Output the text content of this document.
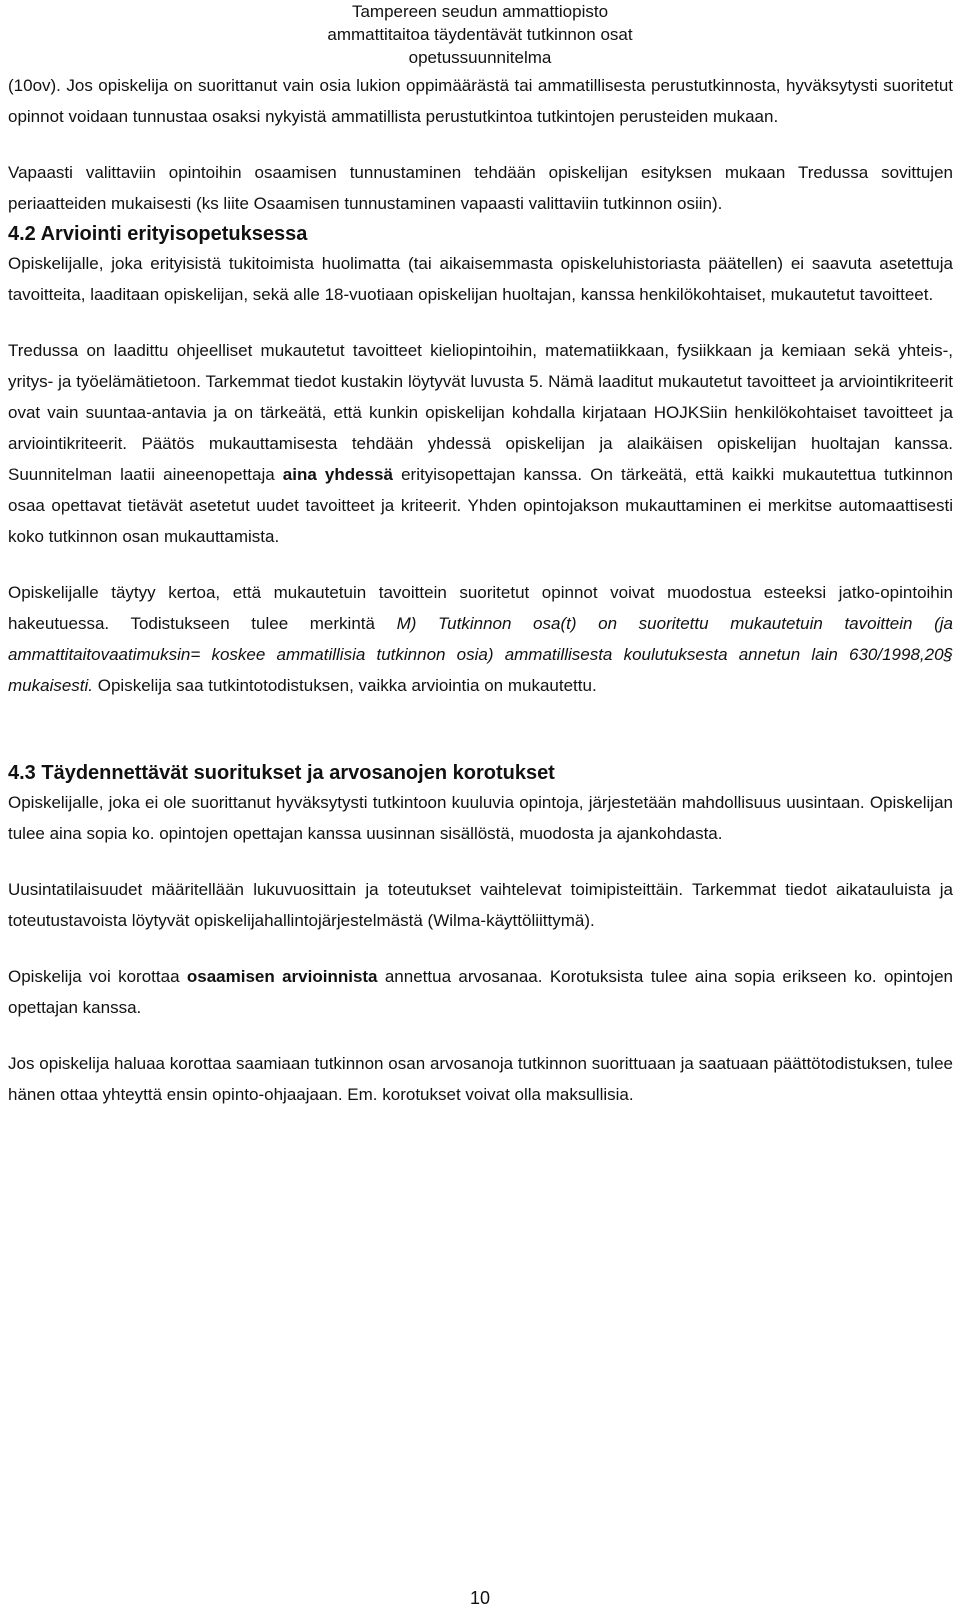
Tampereen seudun ammattiopisto
ammattitaitoa täydentävät tutkinnon osat
opetussuunnitelma

(10ov). Jos opiskelija on suorittanut vain osia lukion oppimäärästä tai ammatillisesta perustutkinnosta, hyväksytysti suoritetut opinnot voidaan tunnustaa osaksi nykyistä ammatillista perustutkintoa tutkintojen perusteiden mukaan.

Vapaasti valittaviin opintoihin osaamisen tunnustaminen tehdään opiskelijan esityksen mukaan Tredussa sovittujen periaatteiden mukaisesti (ks liite Osaamisen tunnustaminen vapaasti valittaviin tutkinnon osiin).

4.2 Arviointi erityisopetuksessa

Opiskelijalle, joka erityisistä tukitoimista huolimatta (tai aikaisemmasta opiskeluhistoriasta päätellen) ei saavuta asetettuja tavoitteita, laaditaan opiskelijan, sekä alle 18-vuotiaan opiskelijan huoltajan, kanssa henkilökohtaiset, mukautetut tavoitteet.

Tredussa on laadittu ohjeelliset mukautetut tavoitteet kieliopintoihin, matematiikkaan, fysiikkaan ja kemiaan sekä yhteis-, yritys- ja työelämätietoon. Tarkemmat tiedot kustakin löytyvät luvusta 5. Nämä laaditut mukautetut tavoitteet ja arviointikriteerit ovat vain suuntaa-antavia ja on tärkeätä, että kunkin opiskelijan kohdalla kirjataan HOJKSiin henkilökohtaiset tavoitteet ja arviointikriteerit. Päätös mukauttamisesta tehdään yhdessä opiskelijan ja alaikäisen opiskelijan huoltajan kanssa. Suunnitelman laatii aineenopettaja aina yhdessä erityisopettajan kanssa. On tärkeätä, että kaikki mukautettua tutkinnon osaa opettavat tietävät asetetut uudet tavoitteet ja kriteerit. Yhden opintojakson mukauttaminen ei merkitse automaattisesti koko tutkinnon osan mukauttamista.

Opiskelijalle täytyy kertoa, että mukautetuin tavoittein suoritetut opinnot voivat muodostua esteeksi jatko-opintoihin hakeutuessa. Todistukseen tulee merkintä M) Tutkinnon osa(t) on suoritettu mukautetuin tavoittein (ja ammattitaitovaatimuksin= koskee ammatillisia tutkinnon osia) ammatillisesta koulutuksesta annetun lain 630/1998,20§ mukaisesti. Opiskelija saa tutkintotodistuksen, vaikka arviointia on mukautettu.

4.3 Täydennettävät suoritukset ja arvosanojen korotukset

Opiskelijalle, joka ei ole suorittanut hyväksytysti tutkintoon kuuluvia opintoja, järjestetään mahdollisuus uusintaan. Opiskelijan tulee aina sopia ko. opintojen opettajan kanssa uusinnan sisällöstä, muodosta ja ajankohdasta.

Uusintatilaisuudet määritellään lukuvuosittain ja toteutukset vaihtelevat toimipisteittäin. Tarkemmat tiedot aikatauluista ja toteutustavoista löytyvät opiskelijahallintojärjestelmästä (Wilma-käyttöliittymä).

Opiskelija voi korottaa osaamisen arvioinnista annettua arvosanaa. Korotuksista tulee aina sopia erikseen ko. opintojen opettajan kanssa.

Jos opiskelija haluaa korottaa saamiaan tutkinnon osan arvosanoja tutkinnon suorittuaan ja saatuaan päättötodistuksen, tulee hänen ottaa yhteyttä ensin opinto-ohjaajaan. Em. korotukset voivat olla maksullisia.

10
